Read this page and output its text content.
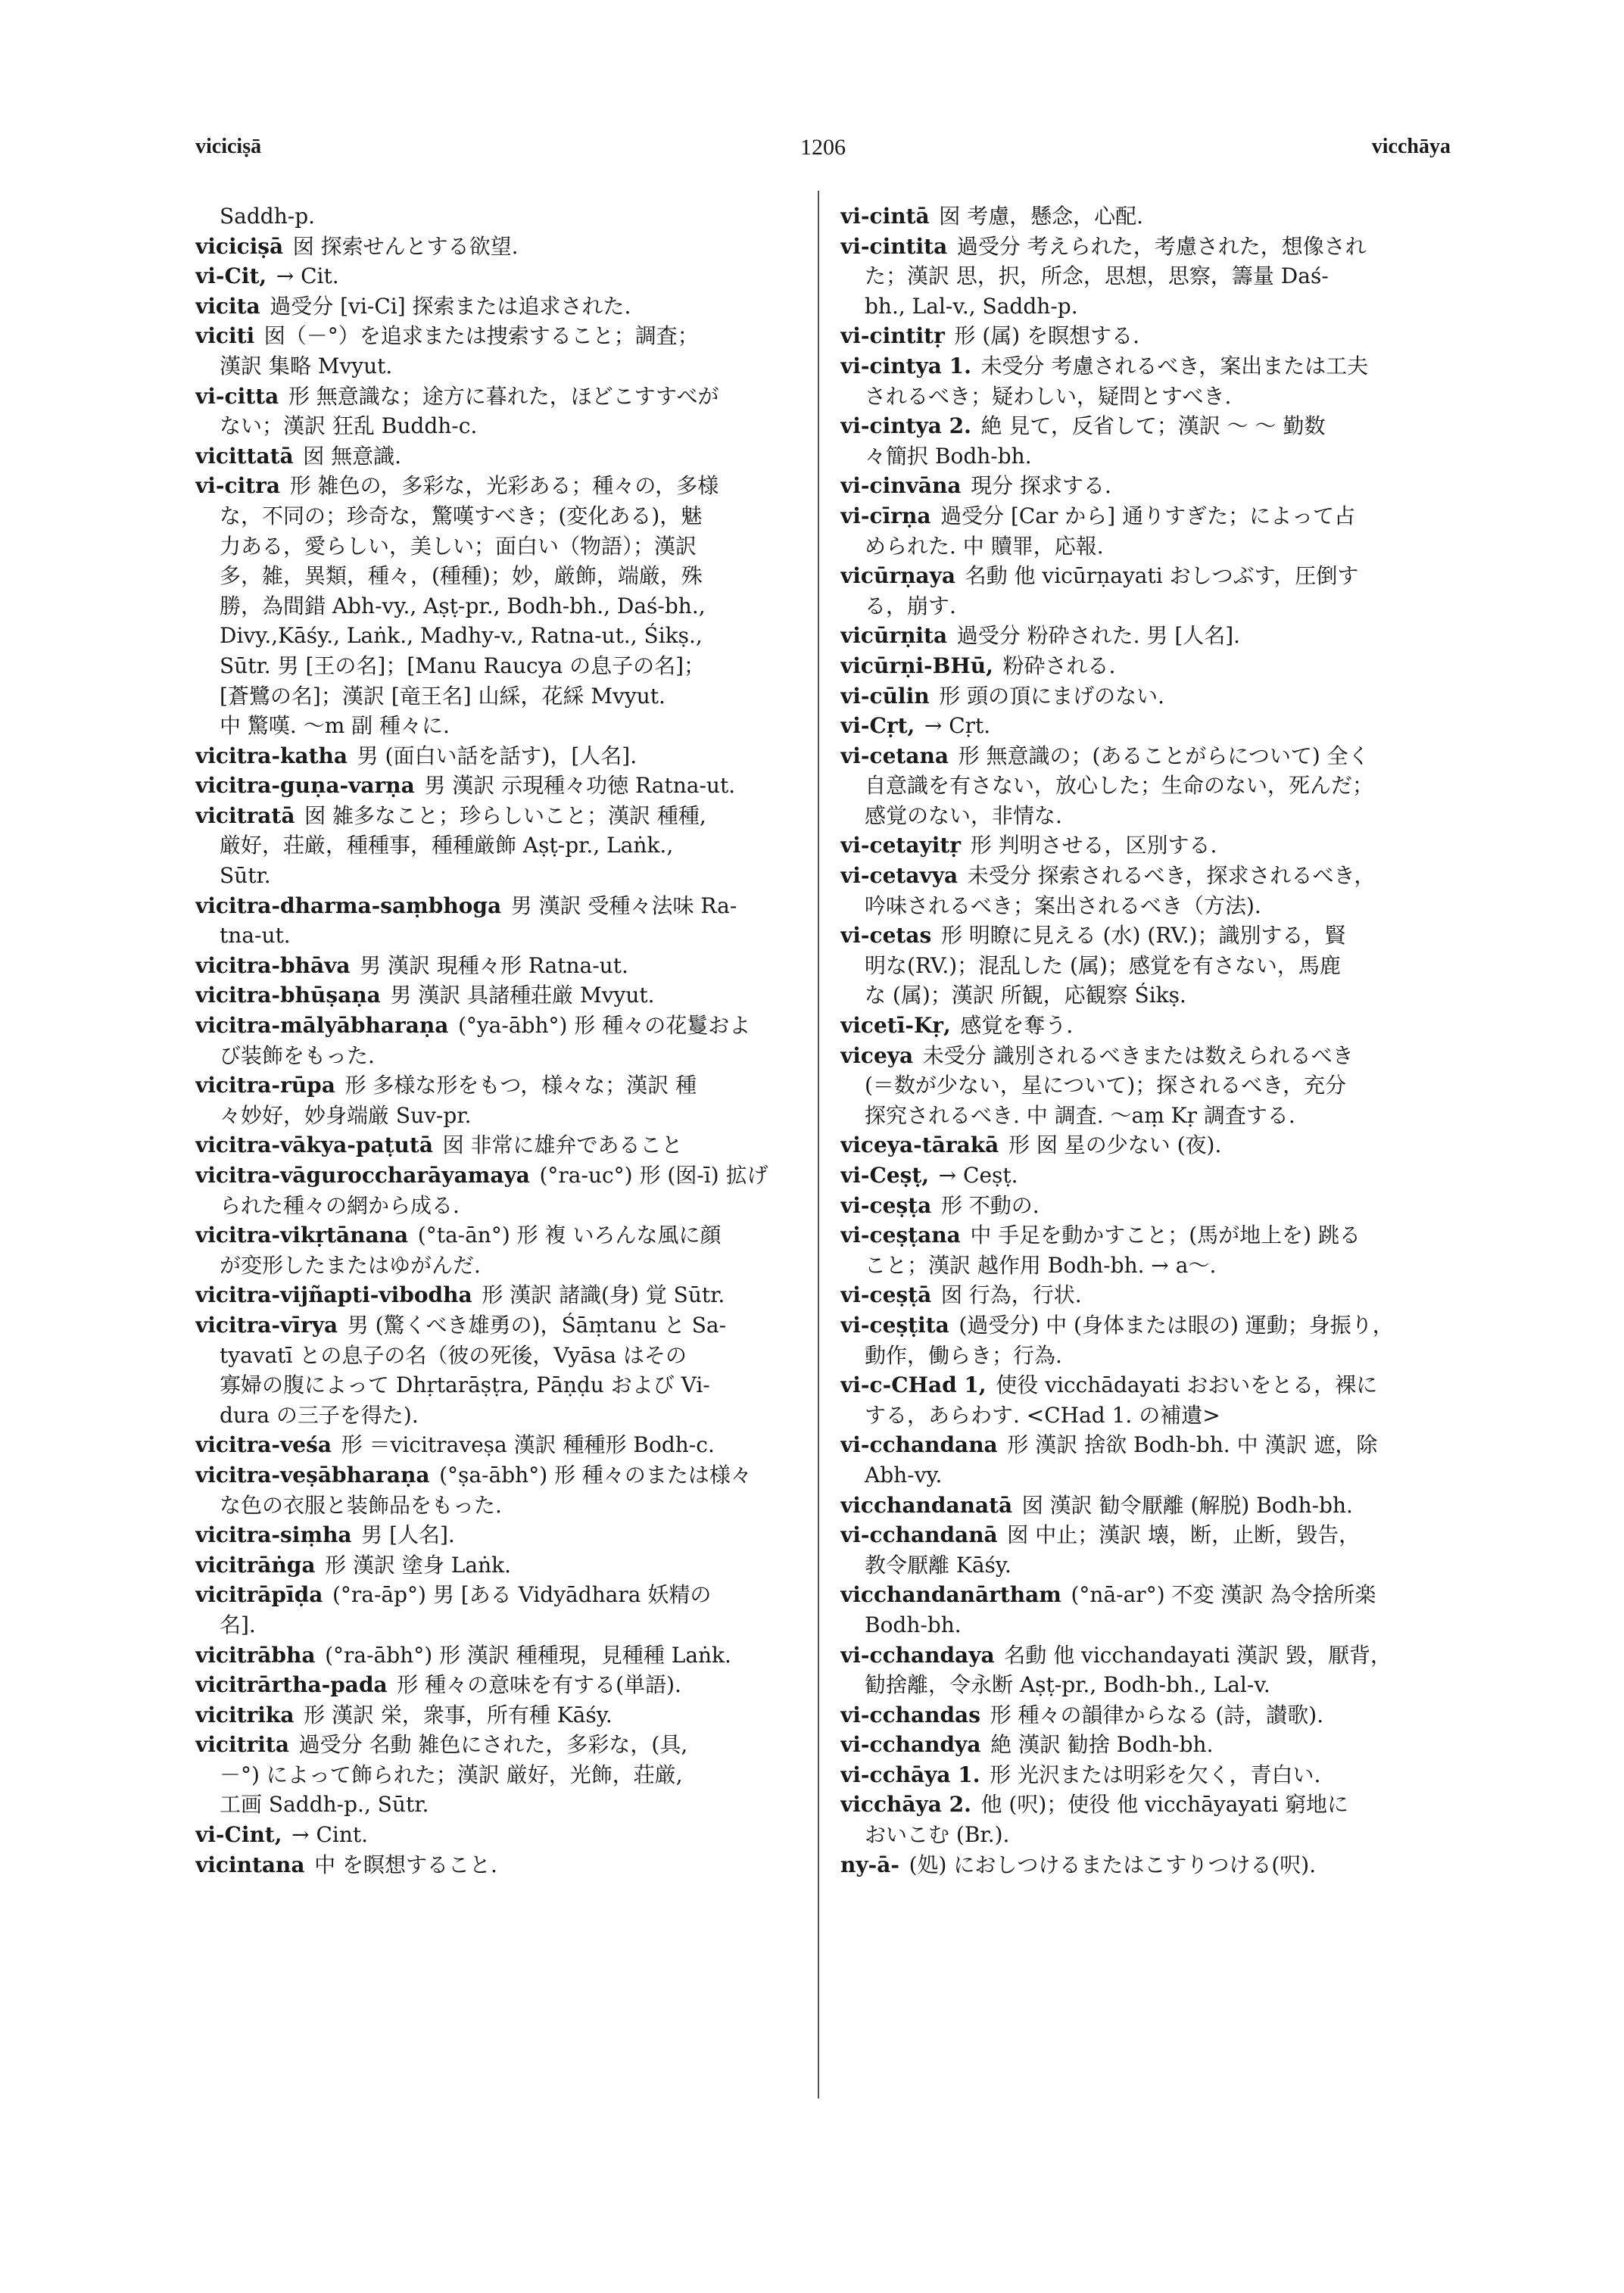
viciciṣā	1206	vicchāya
Saddh-p.
viciciṣā 囡 探索せんとする欲望.
vi-Cit, → Cit.
vicita 過受分 [vi-Ci] 探索または追求された.
viciti 囡（－°）を追求または捜索すること；調査；
漢訳 集略 Mvyut.
vi-citta 形 無意識な；途方に暮れた，ほどこすすべが
ない；漢訳 狂乱 Buddh-c.
vicittatā 囡 無意識.
vi-citra 形 雑色の，多彩な，光彩ある；種々の，多様
な，不同の；珍奇な，驚嘆すべき；(変化ある)，魅
力ある，愛らしい，美しい；面白い（物語）；漢訳
多，雑，異類，種々，(種種)；妙，厳飾，端厳，殊
勝，為間錯 Abh-vy., Aṣṭ-pr., Bodh-bh., Daś-bh.,
Divy.,Kāśy., Laṅk., Madhy-v., Ratna-ut., Śikṣ.,
Sūtr. 男 [王の名]；[Manu Raucya の息子の名]；
[蒼鷺の名]；漢訳 [竜王名] 山綵，花綵 Mvyut.
中 驚嘆. ～m 副 種々に.
vicitra-katha 男 (面白い話を話す)，[人名].
vicitra-guṇa-varṇa 男 漢訳 示現種々功徳 Ratna-ut.
vicitratā 囡 雑多なこと；珍らしいこと；漢訳 種種,
厳好，荘厳，種種事，種種厳飾 Aṣṭ-pr., Laṅk.,
Sūtr.
vicitra-dharma-saṃbhoga 男 漢訳 受種々法味 Ra-
tna-ut.
vicitra-bhāva 男 漢訳 現種々形 Ratna-ut.
vicitra-bhūṣaṇa 男 漢訳 具諸種荘厳 Mvyut.
vicitra-mālyābharaṇa (°ya-ābh°) 形 種々の花鬘およ
び装飾をもった.
vicitra-rūpa 形 多様な形をもつ，様々な；漢訳 種
々妙好，妙身端厳 Suv-pr.
vicitra-vākya-paṭutā 囡 非常に雄弁であること
vicitra-vāguroccharāyamaya (°ra-uc°) 形 (囡-ī) 拡げ
られた種々の網から成る.
vicitra-vikṛtānana (°ta-ān°) 形 複 いろんな風に顔
が変形したまたはゆがんだ.
vicitra-vijñapti-vibodha 形 漢訳 諸識(身) 覚 Sūtr.
vicitra-vīrya 男 (驚くべき雄勇の)，Śāṃtanu と Sa-
tyavatī との息子の名（彼の死後，Vyāsa はその
寡婦の腹によって Dhṛtarāṣṭra, Pāṇḍu および Vi-
dura の三子を得た).
vicitra-veśa 形 ＝vicitraveṣa 漢訳 種種形 Bodh-c.
vicitra-veṣābharaṇa (°ṣa-ābh°) 形 種々のまたは様々
な色の衣服と装飾品をもった.
vicitra-siṃha 男 [人名].
vicitrāṅga 形 漢訳 塗身 Laṅk.
vicitrāpīḍa (°ra-āp°) 男 [ある Vidyādhara 妖精の
名].
vicitrābha (°ra-ābh°) 形 漢訳 種種現，見種種 Laṅk.
vicitrārtha-pada 形 種々の意味を有する(単語).
vicitrika 形 漢訳 栄，衆事，所有種 Kāśy.
vicitrita 過受分 名動 雑色にされた，多彩な，(具,
－°) によって飾られた；漢訳 厳好，光飾，荘厳,
工画 Saddh-p., Sūtr.
vi-Cint, → Cint.
vicintana 中 を瞑想すること.
vi-cintā 囡 考慮，懸念，心配.
vi-cintita 過受分 考えられた，考慮された，想像され
た；漢訳 思，択，所念，思想，思察，籌量 Daś-
bh., Lal-v., Saddh-p.
vi-cintitṛ 形 (属) を瞑想する.
vi-cintya 1. 未受分 考慮されるべき，案出または工夫
されるべき；疑わしい，疑問とすべき.
vi-cintya 2. 絶 見て，反省して；漢訳 ～ ～ 勤数
々簡択 Bodh-bh.
vi-cinvāna 現分 探求する.
vi-cīrṇa 過受分 [Car から] 通りすぎた；によって占
められた. 中 贖罪，応報.
vicūrṇaya 名動 他 vicūrṇayati おしつぶす，圧倒す
る，崩す.
vicūrṇita 過受分 粉砕された. 男 [人名].
vicūrṇi-BHū, 粉砕される.
vi-cūlin 形 頭の頂にまげのない.
vi-Cṛt, → Cṛt.
vi-cetana 形 無意識の；(あることがらについて) 全く
自意識を有さない，放心した；生命のない，死んだ；
感覚のない，非情な.
vi-cetayitṛ 形 判明させる，区別する.
vi-cetavya 未受分 探索されるべき，探求されるべき，
吟味されるべき；案出されるべき（方法).
vi-cetas 形 明瞭に見える (水) (RV.)；識別する，賢
明な(RV.)；混乱した (属)；感覚を有さない，馬鹿
な (属)；漢訳 所観，応観察 Śikṣ.
vicetī-Kṛ, 感覚を奪う.
viceya 未受分 識別されるべきまたは数えられるべき
(＝数が少ない，星について)；探されるべき，充分
探究されるべき. 中 調査. ～aṃ Kṛ 調査する.
viceya-tārakā 形 囡 星の少ない (夜).
vi-Ceṣṭ, → Ceṣṭ.
vi-ceṣṭa 形 不動の.
vi-ceṣṭana 中 手足を動かすこと；(馬が地上を) 跳る
こと；漢訳 越作用 Bodh-bh. → a～.
vi-ceṣṭā 囡 行為，行状.
vi-ceṣṭita (過受分) 中 (身体または眼の) 運動；身振り，
動作，働らき；行為.
vi-c-CHad 1, 使役 vicchādayati おおいをとる，裸に
する，あらわす. <CHad 1. の補遺>
vi-cchandana 形 漢訳 捨欲 Bodh-bh. 中 漢訳 遮，除
Abh-vy.
vicchandanatā 囡 漢訳 勧令厭離 (解脱) Bodh-bh.
vi-cchandanā 囡 中止；漢訳 壊，断，止断，毀告，
教令厭離 Kāśy.
vicchandanārtham (°nā-ar°) 不変 漢訳 為令捨所楽
Bodh-bh.
vi-cchandaya 名動 他 vicchandayati 漢訳 毀，厭背，
勧捨離，令永断 Aṣṭ-pr., Bodh-bh., Lal-v.
vi-cchandas 形 種々の韻律からなる (詩，讃歌).
vi-cchandya 絶 漢訳 勧捨 Bodh-bh.
vi-cchāya 1. 形 光沢または明彩を欠く，青白い.
vicchāya 2. 他 (呎)；使役 他 vicchāyayati 窮地に
おいこむ (Br.).
ny-ā- (処) におしつけるまたはこすりつける(呎).
